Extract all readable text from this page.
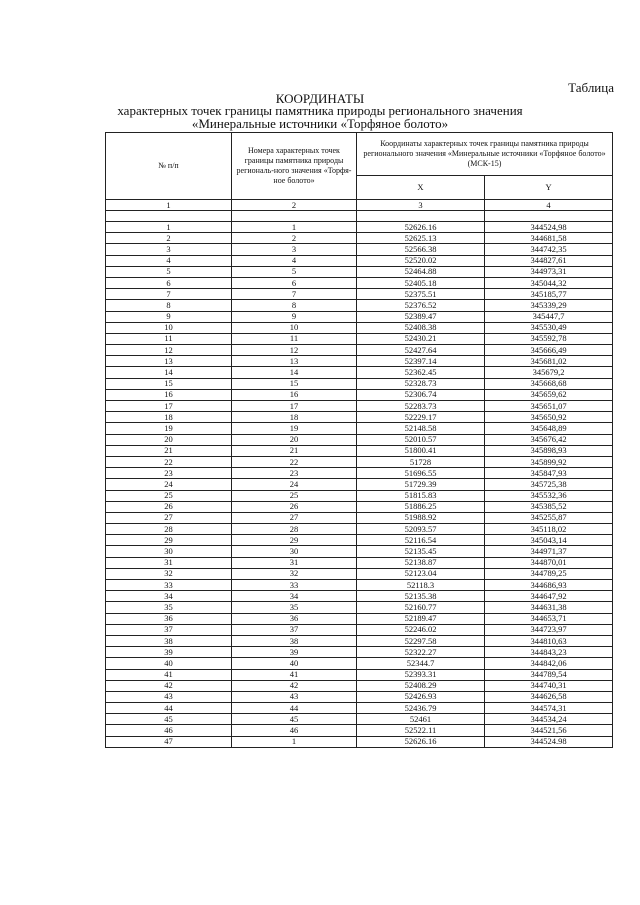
Таблица
КООРДИНАТЫ
характерных точек границы памятника природы регионального значения
«Минеральные источники «Торфяное болото»
№ п/п	Номера характерных точек границы памятника природы региональ-ного значения «Торфя-ное болото»	Координаты характерных точек границы памятника природы регионального значения «Минеральные источники «Торфяное болото» (МСК-15)	
		X	Y
1	2	3	4

1	1	52626.16	344524,98
2	2	52625.13	344681,58
3	3	52566.38	344742,35
4	4	52520.02	344827,61
5	5	52464.88	344973,31
6	6	52405.18	345044,32
7	7	52375.51	345185,77
8	8	52376.52	345339,29
9	9	52389.47	345447,7
10	10	52408.38	345530,49
11	11	52430.21	345592,78
12	12	52427.64	345666,49
13	13	52397.14	345681,02
14	14	52362.45	345679,2
15	15	52328.73	345668,68
16	16	52306.74	345659,62
17	17	52283.73	345651,07
18	18	52229.17	345650,92
19	19	52148.58	345648,89
20	20	52010.57	345676,42
21	21	51800.41	345898,93
22	22	51728	345899,92
23	23	51696.55	345847,93
24	24	51729.39	345725,38
25	25	51815.83	345532,36
26	26	51886.25	345385,52
27	27	51988.92	345255,87
28	28	52093.57	345118,02
29	29	52116.54	345043,14
30	30	52135.45	344971,37
31	31	52138.87	344870,01
32	32	52123.04	344789,25
33	33	52118.3	344686,93
34	34	52135.38	344647,92
35	35	52160.77	344631,38
36	36	52189.47	344653,71
37	37	52246.02	344723,97
38	38	52297.58	344810,63
39	39	52322.27	344843,23
40	40	52344.7	344842,06
41	41	52393.31	344789,54
42	42	52408.29	344740,31
43	43	52426.93	344626,58
44	44	52436.79	344574,31
45	45	52461	344534,24
46	46	52522.11	344521,56
47	1	52626.16	344524.98
